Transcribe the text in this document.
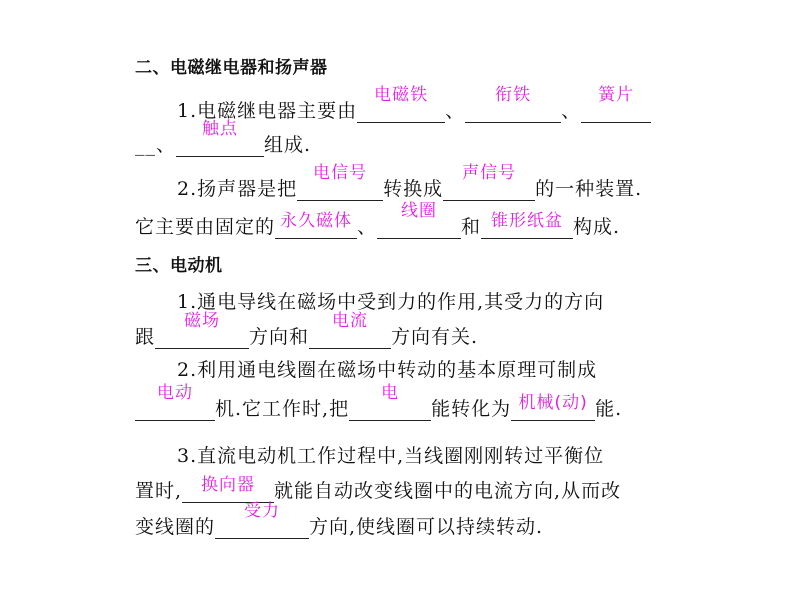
二、电磁继电器和扬声器
1.电磁继电器主要由
电磁铁
、
衔铁
、
簧片
__、
触点
组成.
2.扬声器是把
电信号
转换成
声信号
的一种装置.
它主要由固定的 永久磁体 、
线圈
和 锥形纸盆 构成.
三、电动机
1.通电导线在磁场中受到力的作用,其受力的方向
跟
磁场
方向和
电流
方向有关.
2.利用通电线圈在磁场中转动的基本原理可制成
电动
机.它工作时,把
电
能转化为 机械(动) 能.
3.直流电动机工作过程中,当线圈刚刚转过平衡位
置时,	换向器	就能自动改变线圈中的电流方向,从而改
变线圈的
受力
方向,使线圈可以持续转动.
